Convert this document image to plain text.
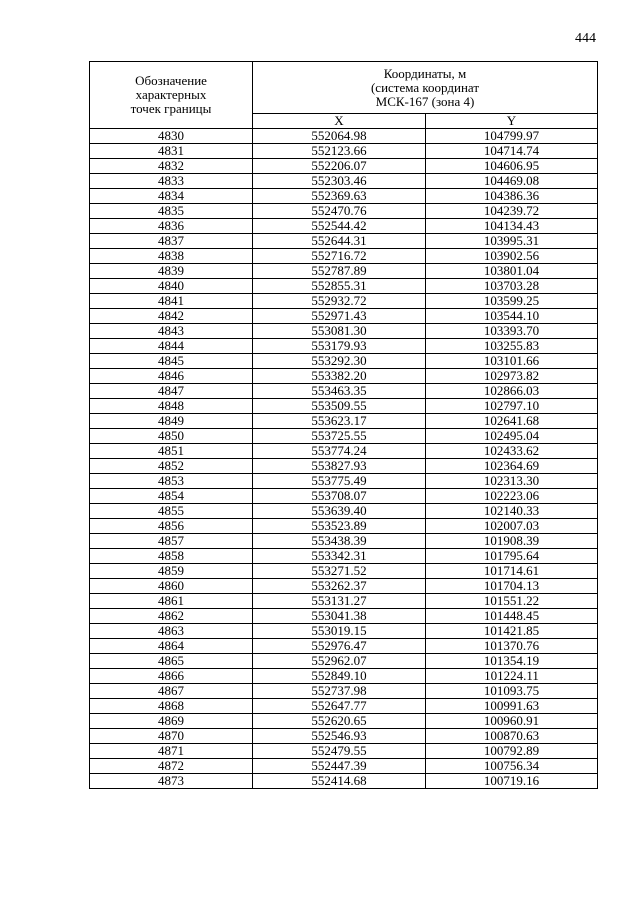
444
Обозначение
характерных
точек границы	Координаты, м
(система координат
МСК-167 (зона 4)	

	X	Y
4830	552064.98	104799.97
4831	552123.66	104714.74
4832	552206.07	104606.95
4833	552303.46	104469.08
4834	552369.63	104386.36
4835	552470.76	104239.72
4836	552544.42	104134.43
4837	552644.31	103995.31
4838	552716.72	103902.56
4839	552787.89	103801.04
4840	552855.31	103703.28
4841	552932.72	103599.25
4842	552971.43	103544.10
4843	553081.30	103393.70
4844	553179.93	103255.83
4845	553292.30	103101.66
4846	553382.20	102973.82
4847	553463.35	102866.03
4848	553509.55	102797.10
4849	553623.17	102641.68
4850	553725.55	102495.04
4851	553774.24	102433.62
4852	553827.93	102364.69
4853	553775.49	102313.30
4854	553708.07	102223.06
4855	553639.40	102140.33
4856	553523.89	102007.03
4857	553438.39	101908.39
4858	553342.31	101795.64
4859	553271.52	101714.61
4860	553262.37	101704.13
4861	553131.27	101551.22
4862	553041.38	101448.45
4863	553019.15	101421.85
4864	552976.47	101370.76
4865	552962.07	101354.19
4866	552849.10	101224.11
4867	552737.98	101093.75
4868	552647.77	100991.63
4869	552620.65	100960.91
4870	552546.93	100870.63
4871	552479.55	100792.89
4872	552447.39	100756.34
4873	552414.68	100719.16
